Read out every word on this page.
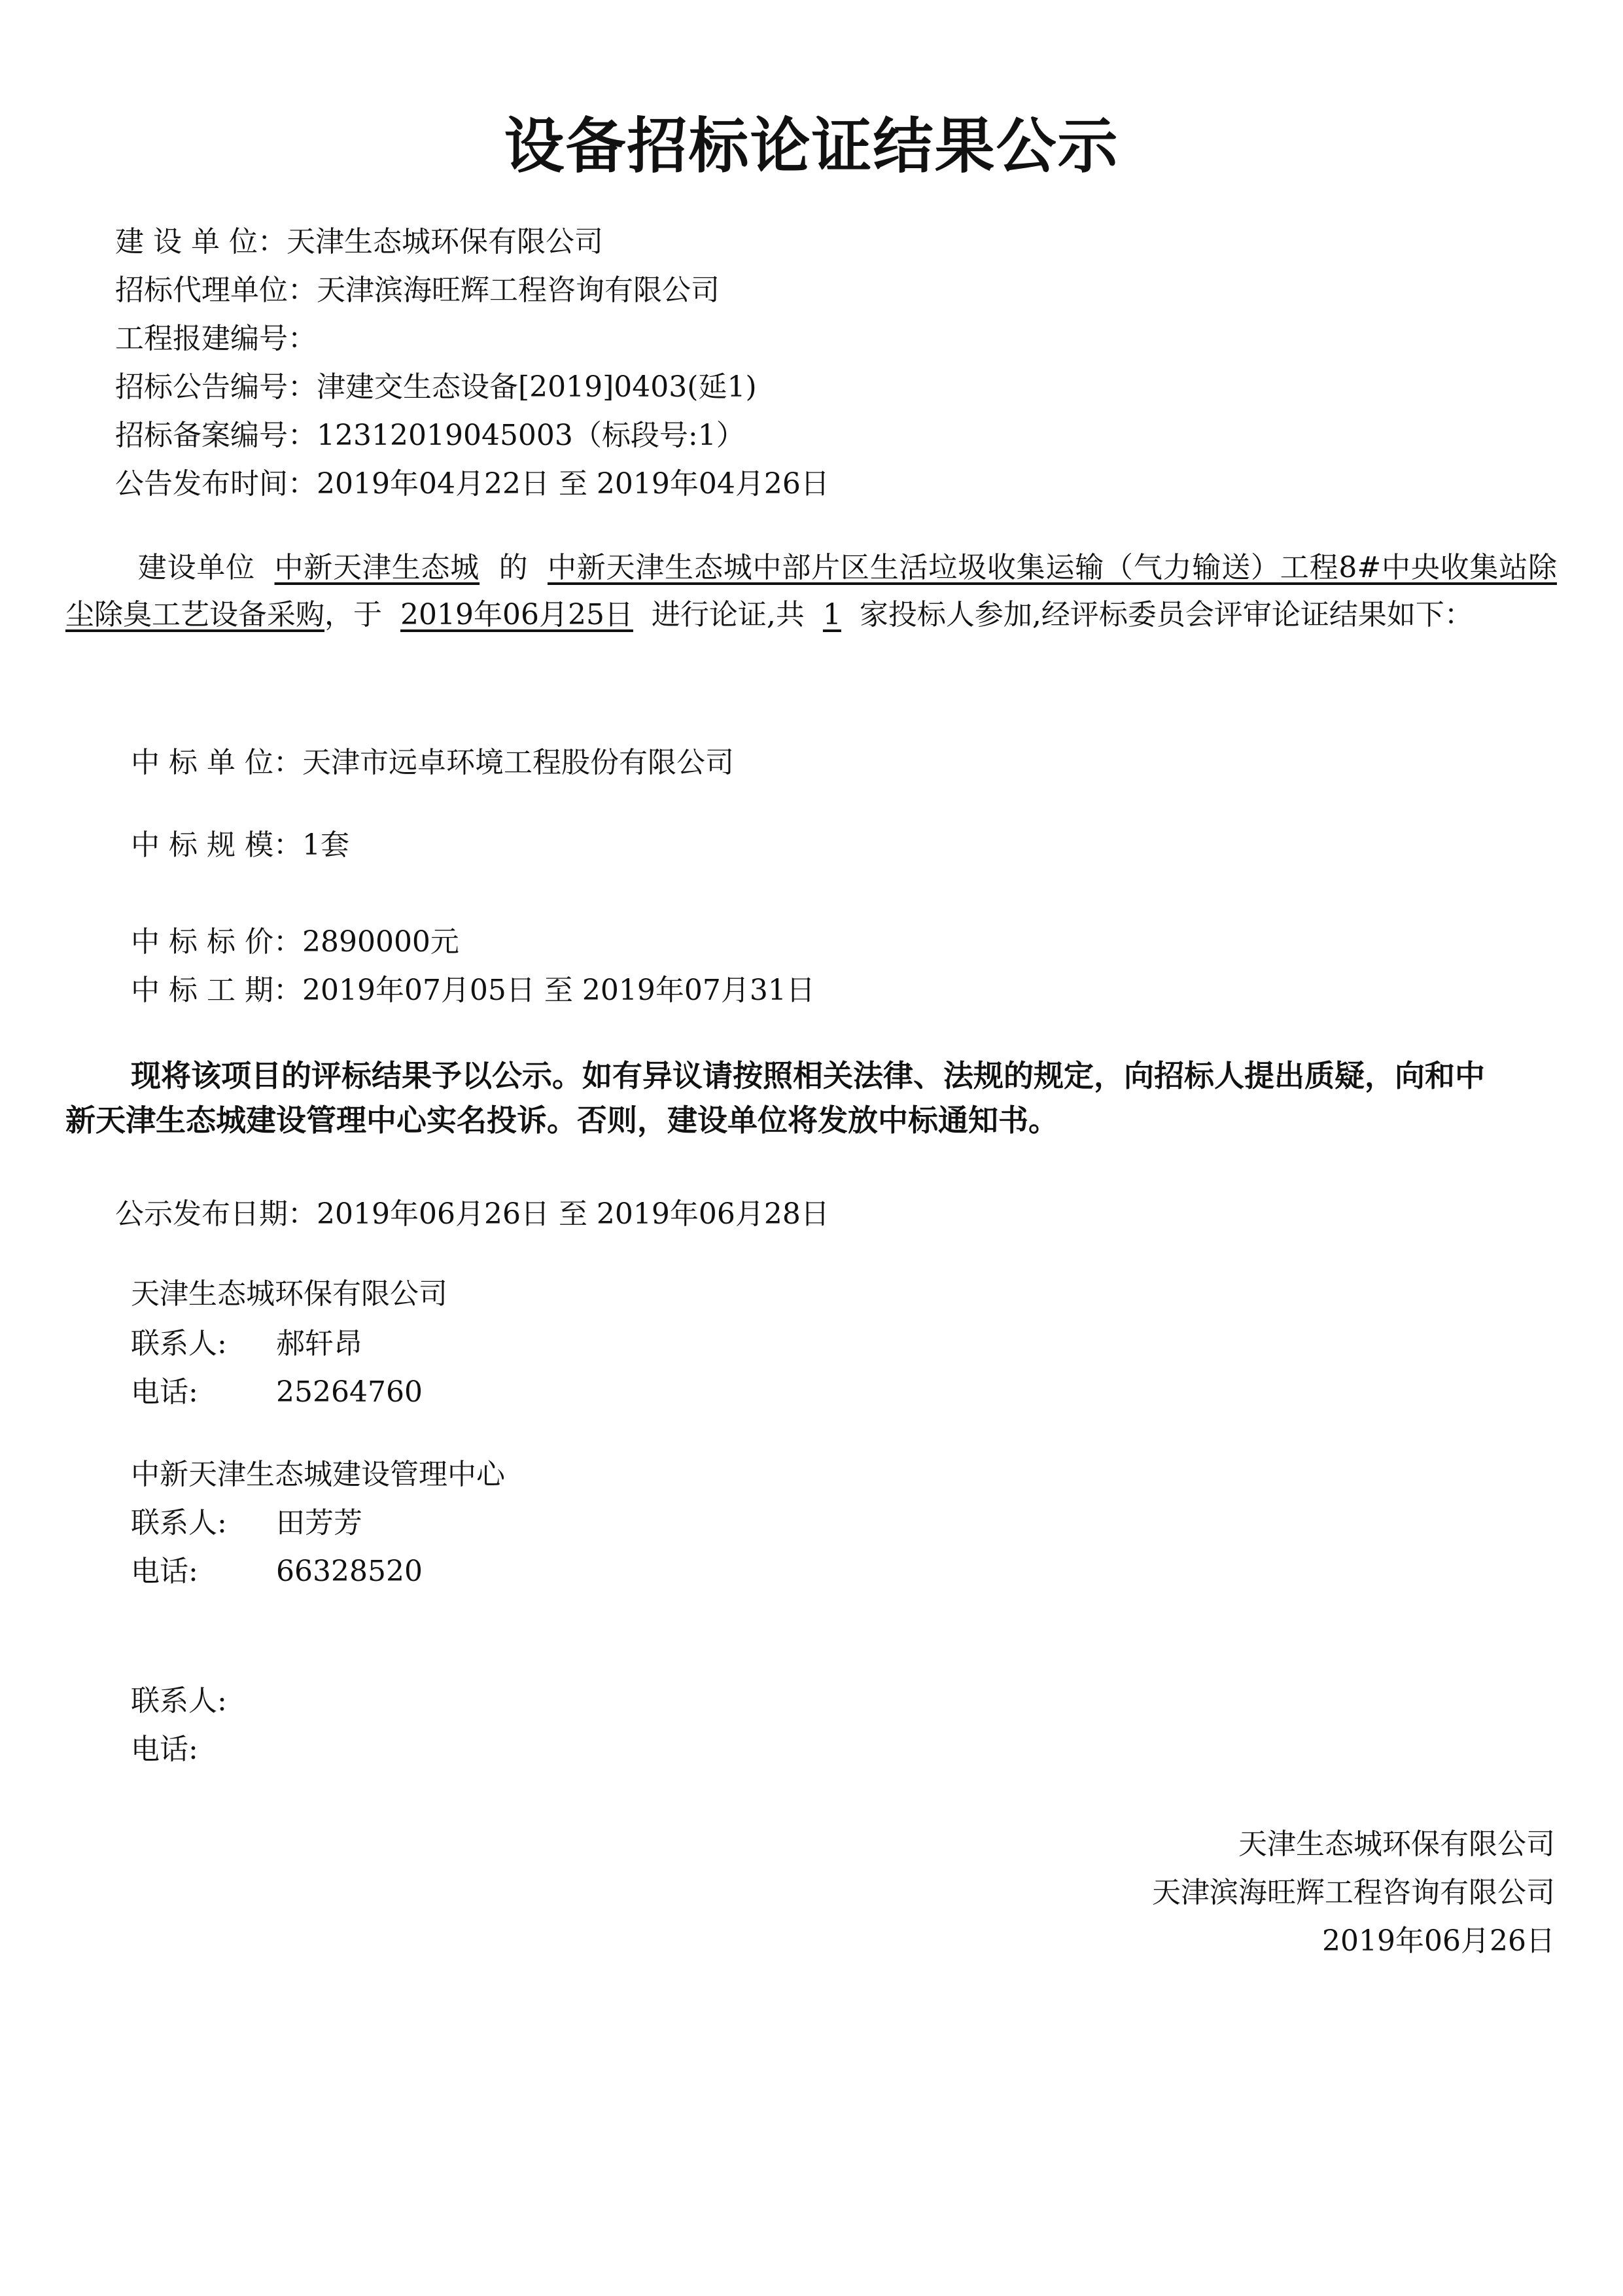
设备招标论证结果公示
建 设 单 位：天津生态城环保有限公司
招标代理单位：天津滨海旺辉工程咨询有限公司
工程报建编号：
招标公告编号：津建交生态设备[2019]0403(延1)
招标备案编号：12312019045003（标段号:1）
公告发布时间：2019年04月22日 至 2019年04月26日
建设单位 中新天津生态城 的 中新天津生态城中部片区生活垃圾收集运输（气力输送）工程8#中央收集站除尘除臭工艺设备采购，于 2019年06月25日 进行论证,共 1 家投标人参加,经评标委员会评审论证结果如下：
中 标 单 位：天津市远卓环境工程股份有限公司
中 标 规 模：1套
中 标 标 价：2890000元
中 标 工 期：2019年07月05日 至 2019年07月31日
现将该项目的评标结果予以公示。如有异议请按照相关法律、法规的规定，向招标人提出质疑，向和中新天津生态城建设管理中心实名投诉。否则，建设单位将发放中标通知书。
公示发布日期：2019年06月26日 至 2019年06月28日
天津生态城环保有限公司
联系人: 郝轩昂
电话:	25264760
中新天津生态城建设管理中心
联系人: 田芳芳
电话:	66328520
联系人:
电话:
天津生态城环保有限公司
天津滨海旺辉工程咨询有限公司
2019年06月26日
